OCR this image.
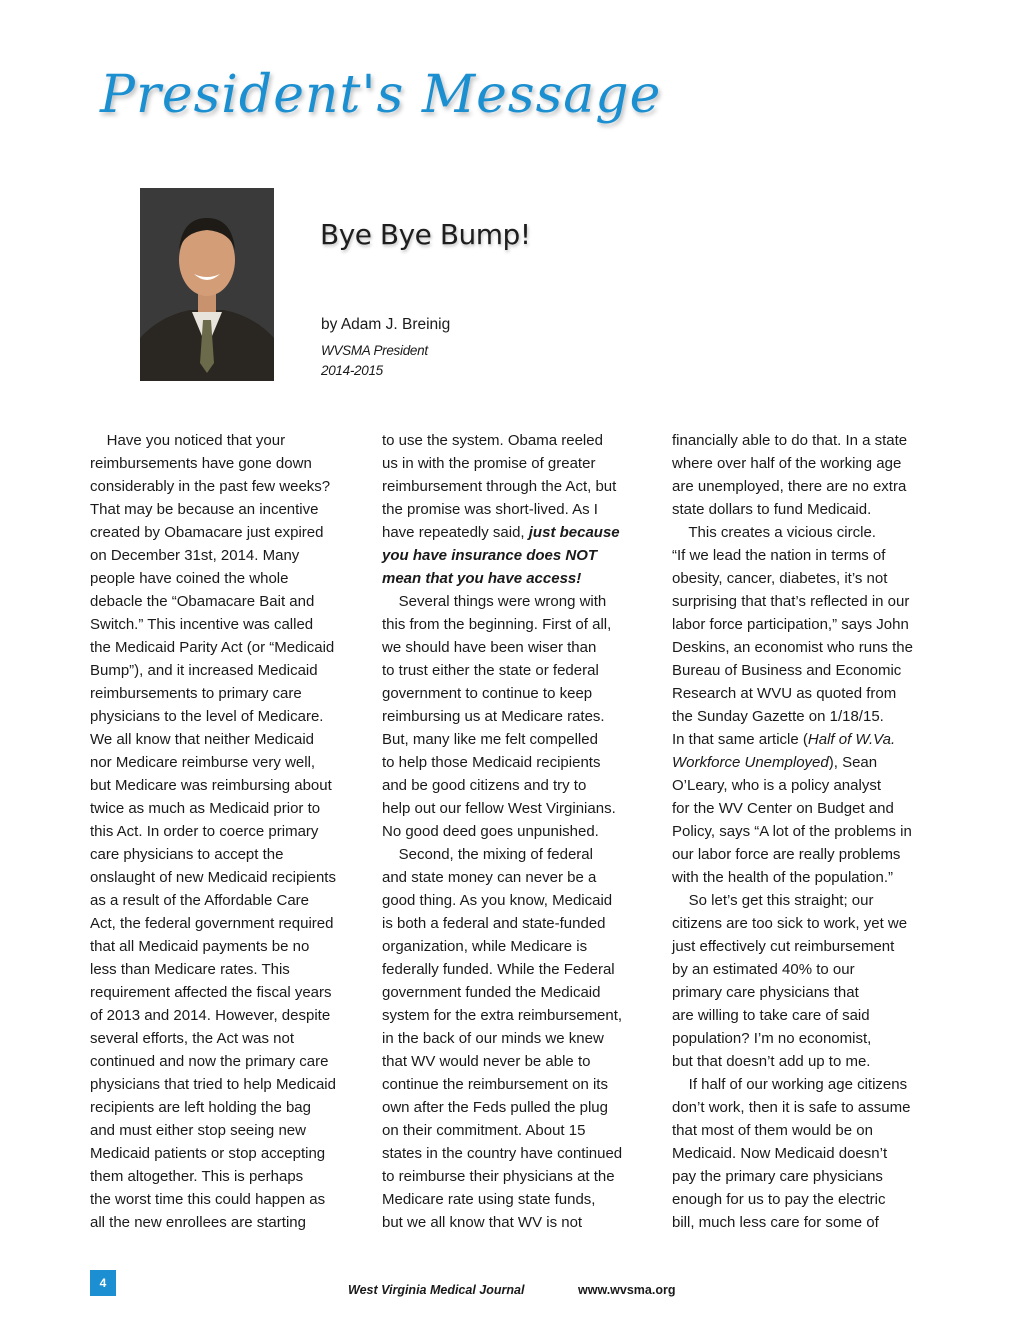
President's Message
Bye Bye Bump!
by Adam J. Breinig
WVSMA President
2014-2015
Have you noticed that your
reimbursements have gone down
considerably in the past few weeks?
That may be because an incentive
created by Obamacare just expired
on December 31st, 2014. Many
people have coined the whole
debacle the “Obamacare Bait and
Switch.” This incentive was called
the Medicaid Parity Act (or “Medicaid
Bump”), and it increased Medicaid
reimbursements to primary care
physicians to the level of Medicare.
We all know that neither Medicaid
nor Medicare reimburse very well,
but Medicare was reimbursing about
twice as much as Medicaid prior to
this Act. In order to coerce primary
care physicians to accept the
onslaught of new Medicaid recipients
as a result of the Affordable Care
Act, the federal government required
that all Medicaid payments be no
less than Medicare rates. This
requirement affected the fiscal years
of 2013 and 2014. However, despite
several efforts, the Act was not
continued and now the primary care
physicians that tried to help Medicaid
recipients are left holding the bag
and must either stop seeing new
Medicaid patients or stop accepting
them altogether. This is perhaps
the worst time this could happen as
all the new enrollees are starting
to use the system. Obama reeled
us in with the promise of greater
reimbursement through the Act, but
the promise was short-lived. As I
have repeatedly said, just because
you have insurance does NOT
mean that you have access!
Several things were wrong with
this from the beginning. First of all,
we should have been wiser than
to trust either the state or federal
government to continue to keep
reimbursing us at Medicare rates.
But, many like me felt compelled
to help those Medicaid recipients
and be good citizens and try to
help out our fellow West Virginians.
No good deed goes unpunished.
Second, the mixing of federal
and state money can never be a
good thing. As you know, Medicaid
is both a federal and state-funded
organization, while Medicare is
federally funded. While the Federal
government funded the Medicaid
system for the extra reimbursement,
in the back of our minds we knew
that WV would never be able to
continue the reimbursement on its
own after the Feds pulled the plug
on their commitment. About 15
states in the country have continued
to reimburse their physicians at the
Medicare rate using state funds,
but we all know that WV is not
financially able to do that. In a state
where over half of the working age
are unemployed, there are no extra
state dollars to fund Medicaid.
This creates a vicious circle.
“If we lead the nation in terms of
obesity, cancer, diabetes, it’s not
surprising that that’s reflected in our
labor force participation,” says John
Deskins, an economist who runs the
Bureau of Business and Economic
Research at WVU as quoted from
the Sunday Gazette on 1/18/15.
In that same article (Half of W.Va.
Workforce Unemployed), Sean
O’Leary, who is a policy analyst
for the WV Center on Budget and
Policy, says “A lot of the problems in
our labor force are really problems
with the health of the population.”
So let’s get this straight; our
citizens are too sick to work, yet we
just effectively cut reimbursement
by an estimated 40% to our
primary care physicians that
are willing to take care of said
population? I’m no economist,
but that doesn’t add up to me.
If half of our working age citizens
don’t work, then it is safe to assume
that most of them would be on
Medicaid. Now Medicaid doesn’t
pay the primary care physicians
enough for us to pay the electric
bill, much less care for some of
4	West Virginia Medical Journal	www.wvsma.org
